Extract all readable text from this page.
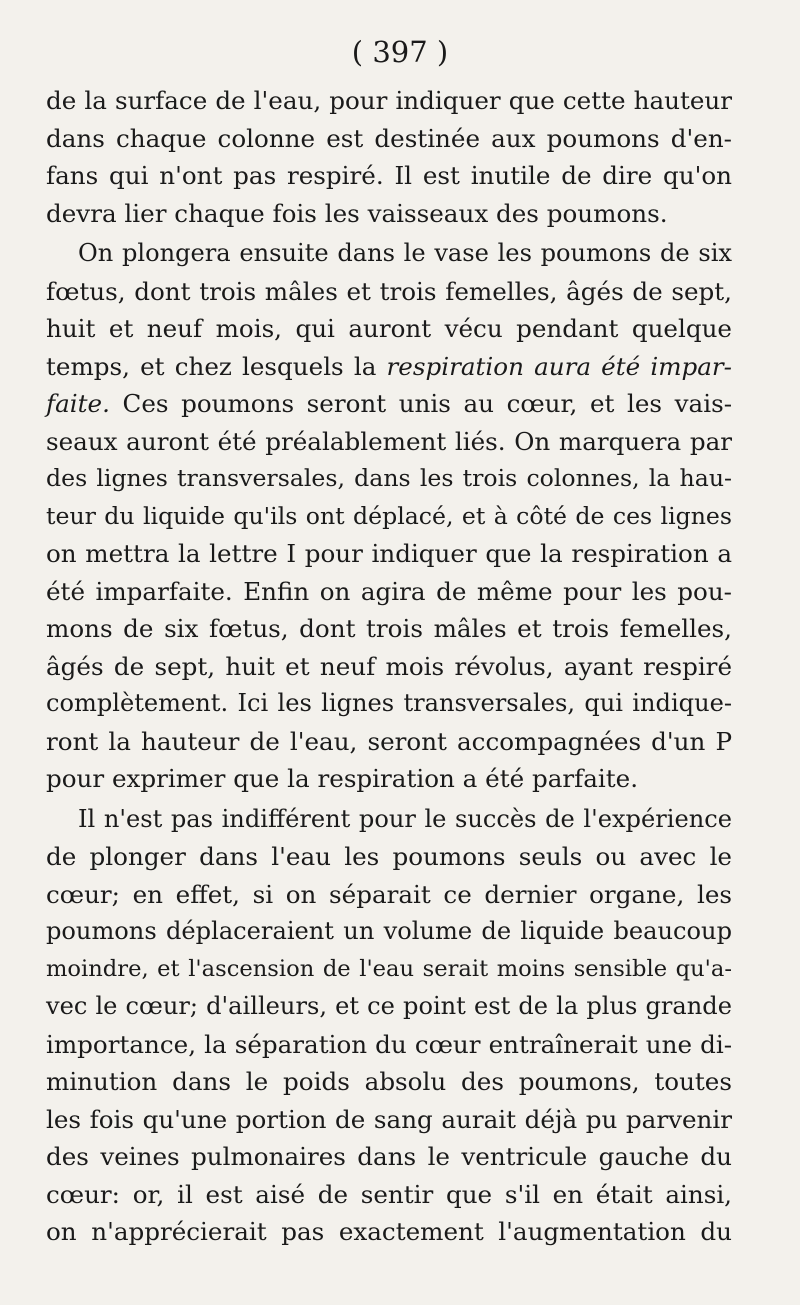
( 397 )
de la surface de l'eau, pour indiquer que cette hauteur
dans chaque colonne est destinée aux poumons d'en-
fans qui n'ont pas respiré. Il est inutile de dire qu'on
devra lier chaque fois les vaisseaux des poumons.
On plongera ensuite dans le vase les poumons de six
fœtus, dont trois mâles et trois femelles, âgés de sept,
huit et neuf mois, qui auront vécu pendant quelque
temps, et chez lesquels la respiration aura été impar-
faite. Ces poumons seront unis au cœur, et les vais-
seaux auront été préalablement liés. On marquera par
des lignes transversales, dans les trois colonnes, la hau-
teur du liquide qu'ils ont déplacé, et à côté de ces lignes
on mettra la lettre I pour indiquer que la respiration a
été imparfaite. Enfin on agira de même pour les pou-
mons de six fœtus, dont trois mâles et trois femelles,
âgés de sept, huit et neuf mois révolus, ayant respiré
complètement. Ici les lignes transversales, qui indique-
ront la hauteur de l'eau, seront accompagnées d'un P
pour exprimer que la respiration a été parfaite.
Il n'est pas indifférent pour le succès de l'expérience
de plonger dans l'eau les poumons seuls ou avec le
cœur; en effet, si on séparait ce dernier organe, les
poumons déplaceraient un volume de liquide beaucoup
moindre, et l'ascension de l'eau serait moins sensible qu'a-
vec le cœur; d'ailleurs, et ce point est de la plus grande
importance, la séparation du cœur entraînerait une di-
minution dans le poids absolu des poumons, toutes
les fois qu'une portion de sang aurait déjà pu parvenir
des veines pulmonaires dans le ventricule gauche du
cœur: or, il est aisé de sentir que s'il en était ainsi,
on n'apprécierait pas exactement l'augmentation du
